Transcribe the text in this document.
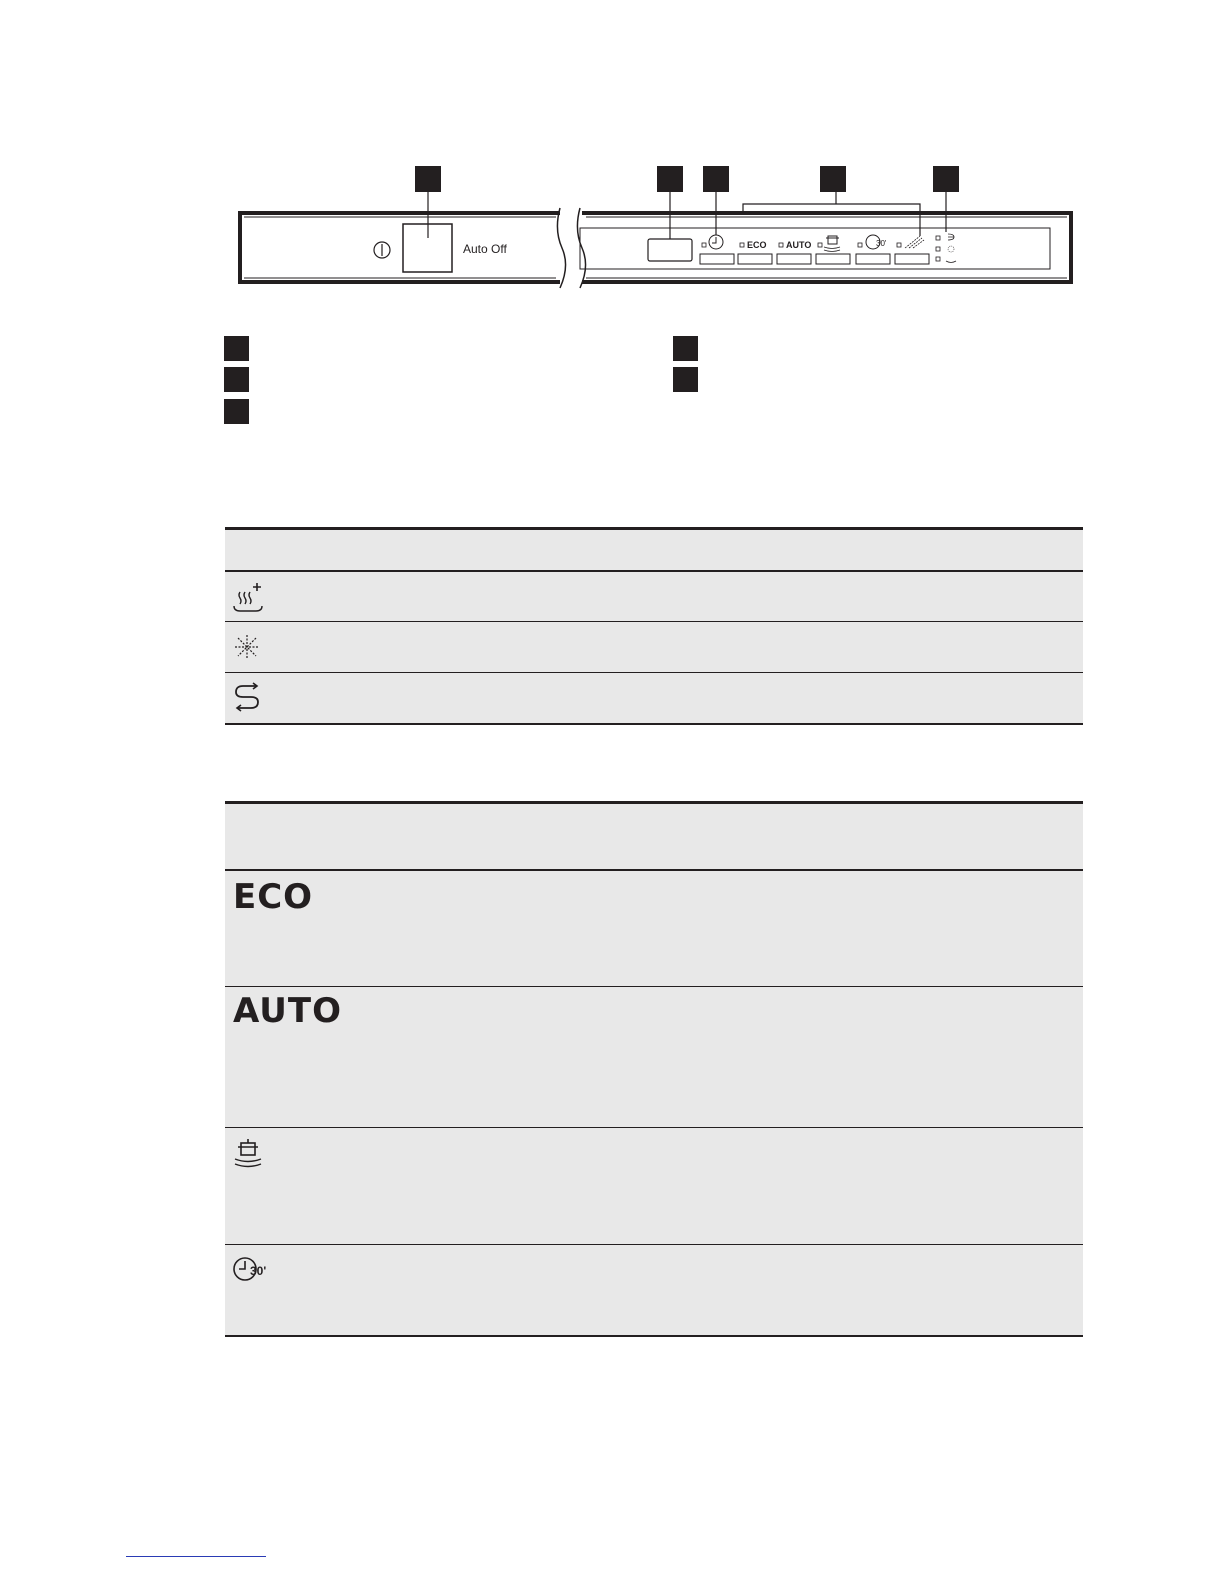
30'
Auto Off	ECO AUTO
ECO
AUTO
30'
